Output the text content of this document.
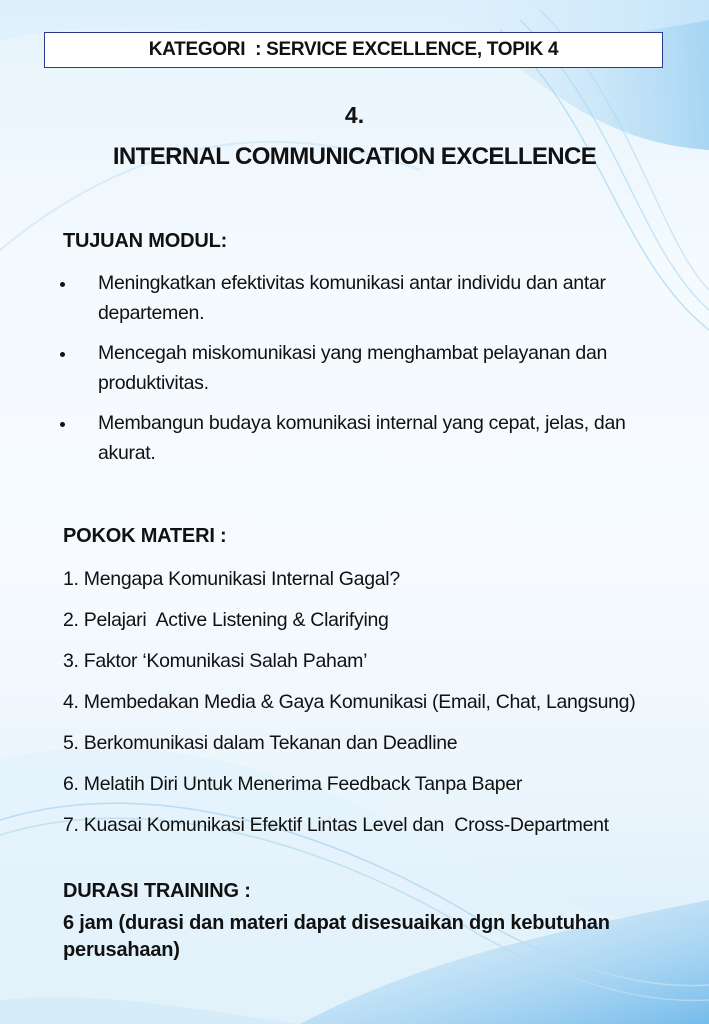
KATEGORI  : SERVICE EXCELLENCE, TOPIK 4
4.
INTERNAL COMMUNICATION EXCELLENCE
TUJUAN MODUL:
Meningkatkan efektivitas komunikasi antar individu dan antar departemen.
Mencegah miskomunikasi yang menghambat pelayanan dan produktivitas.
Membangun budaya komunikasi internal yang cepat, jelas, dan akurat.
POKOK MATERI :
1. Mengapa Komunikasi Internal Gagal?
2. Pelajari  Active Listening & Clarifying
3. Faktor ‘Komunikasi Salah Paham’
4. Membedakan Media & Gaya Komunikasi (Email, Chat, Langsung)
5. Berkomunikasi dalam Tekanan dan Deadline
6. Melatih Diri Untuk Menerima Feedback Tanpa Baper
7. Kuasai Komunikasi Efektif Lintas Level dan  Cross-Department
DURASI TRAINING :
6 jam (durasi dan materi dapat disesuaikan dgn kebutuhan perusahaan)
